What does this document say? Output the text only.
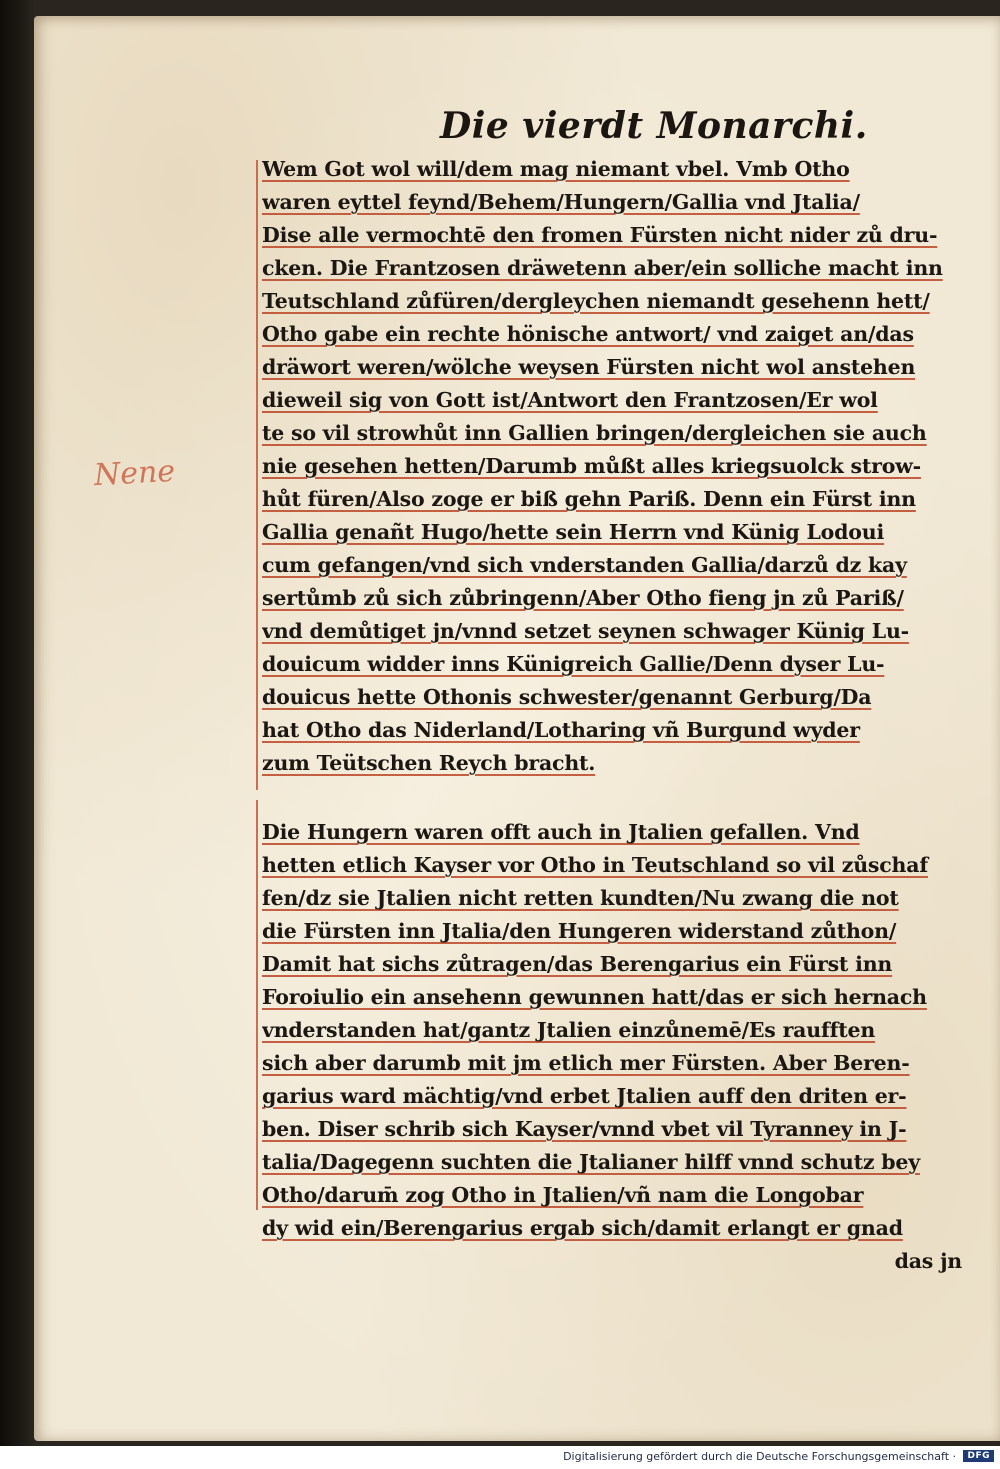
Die vierdt Monarchi.
Nene
Wem Got wol will/dem mag niemant vbel. Vmb Otho
waren eyttel feynd/Behem/Hungern/Gallia vnd Jtalia/
Dise alle vermochtē den fromen Fürsten nicht nider zů dru-
cken. Die Frantzosen dräwetenn aber/ein solliche macht inn
Teutschland zůfüren/dergleychen niemandt gesehenn hett/
Otho gabe ein rechte hönische antwort/ vnd zaiget an/das
dräwort weren/wölche weysen Fürsten nicht wol anstehen
dieweil sig von Gott ist/Antwort den Frantzosen/Er wol
te so vil strowhůt inn Gallien bringen/dergleichen sie auch
nie gesehen hetten/Darumb můßt alles kriegsuolck strow-
hůt füren/Also zoge er biß gehn Pariß. Denn ein Fürst inn
Gallia genañt Hugo/hette sein Herrn vnd Künig Lodoui
cum gefangen/vnd sich vnderstanden Gallia/darzů dz kay
sertůmb zů sich zůbringenn/Aber Otho fieng jn zů Pariß/
vnd demůtiget jn/vnnd setzet seynen schwager Künig Lu-
douicum widder inns Künigreich Gallie/Denn dyser Lu-
douicus hette Othonis schwester/genannt Gerburg/Da
hat Otho das Niderland/Lotharing vñ Burgund wyder
zum Teütschen Reych bracht.
Die Hungern waren offt auch in Jtalien gefallen. Vnd
hetten etlich Kayser vor Otho in Teutschland so vil zůschaf
fen/dz sie Jtalien nicht retten kundten/Nu zwang die not
die Fürsten inn Jtalia/den Hungeren widerstand zůthon/
Damit hat sichs zůtragen/das Berengarius ein Fürst inn
Foroiulio ein ansehenn gewunnen hatt/das er sich hernach
vnderstanden hat/gantz Jtalien einzůnemē/Es raufften
sich aber darumb mit jm etlich mer Fürsten. Aber Beren-
garius ward mächtig/vnd erbet Jtalien auff den driten er-
ben. Diser schrib sich Kayser/vnnd vbet vil Tyranney in J-
talia/Dagegenn suchten die Jtalianer hilff vnnd schutz bey
Otho/darum̄ zog Otho in Jtalien/vñ nam die Longobar
dy wid ein/Berengarius ergab sich/damit erlangt er gnad
das jn
Digitalisierung gefördert durch die Deutsche Forschungsgemeinschaft ·	DFG
